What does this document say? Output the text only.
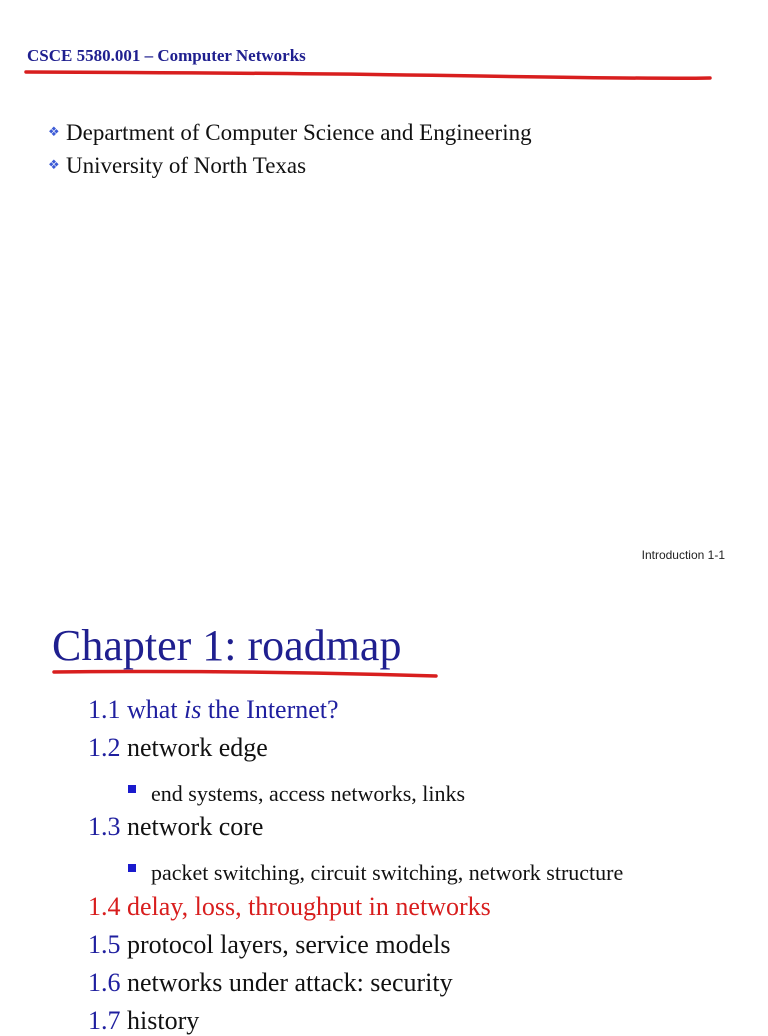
CSCE 5580.001 – Computer Networks
❖ Department of Computer Science and Engineering
❖ University of North Texas
Introduction 1-1
Chapter 1: roadmap
1.1 what is the Internet?
1.2 network edge
end systems, access networks, links
1.3 network core
packet switching, circuit switching, network structure
1.4 delay, loss, throughput in networks
1.5 protocol layers, service models
1.6 networks under attack: security
1.7 history
